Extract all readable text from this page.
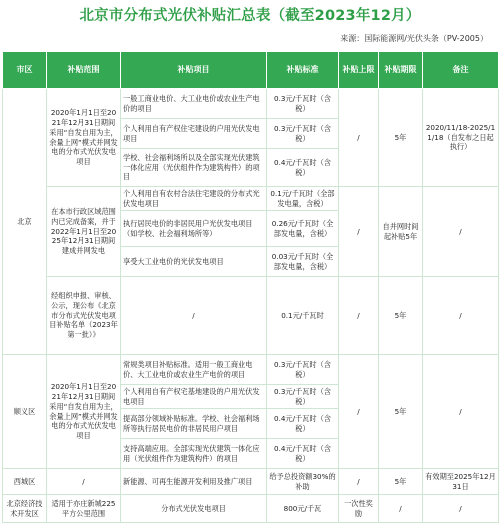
北京市分布式光伏补贴汇总表（截至2023年12月）
来源：国际能源网/光伏头条（PV-2005）
市区	补贴范围	补贴项目	补贴标准	补贴上限	补贴期限	备注
北京	2020年1月1日至2021年12月31日期间采用“自发自用为主，余量上网”模式并网发电的分布式光伏发电项目	一般工商业电价、大工业电价或农业生产电价的项目	0.3元/千瓦时（含税）	/	5年	2020/11/18-2025/11/18（自发布之日起执行）
		个人利用自有产权住宅建设的户用光伏发电项目	0.3元/千瓦时（含税）			
		学校、社会福利场所以及全部实现光伏建筑一体化应用（光伏组件作为建筑构件）的项目	0.4元/千瓦时（含税）			
	在本市行政区域范围内已完成备案，并于2022年1月1日至2025年12月31日期间建成并网发电	个人利用自有农村合法住宅建设的分布式光伏发电项目	0.1元/千瓦时（全部发电量，含税）	/	自并网时间起补贴5年	/
		执行居民电价的非居民用户光伏发电项目（如学校、社会福利场所等）	0.26元/千瓦时（全部发电量，含税）			
		享受大工业电价的光伏发电项目	0.03元/千瓦时（全部发电量，含税）			
	经组织申报、审核、公示，现公布《北京市分布式光伏发电项目补贴名单（2023年第一批）》	/	0.1元/千瓦时	/	5年	/
顺义区	2020年1月1日至2021年12月31日期间采用“自发自用为主，余量上网”模式并网发电的分布式光伏发电项目	常规类项目补贴标准。适用一般工商业电价、大工业电价或农业生产电价的项目	0.3元/千瓦时（含税）	/	5年	/
		个人利用自有产权宅基地建设的户用光伏发电项目	0.3元/千瓦时（含税）			
		提高部分领域补贴标准。学校、社会福利场所等执行居民电价的非居民用户项目	0.4元/千瓦时（含税）			
		支持高端应用。全部实现光伏建筑一体化应用（光伏组件作为建筑构件）的项目	0.4元/千瓦时（含税）			
西城区	/	新能源、可再生能源开发利用及推广项目	给予总投资额30%的补助	/	5年	有效期至2025年12月31日
北京经济技术开发区	适用于亦庄新城225平方公里范围	分布式光伏发电项目	800元/千瓦	一次性奖励	/	/
